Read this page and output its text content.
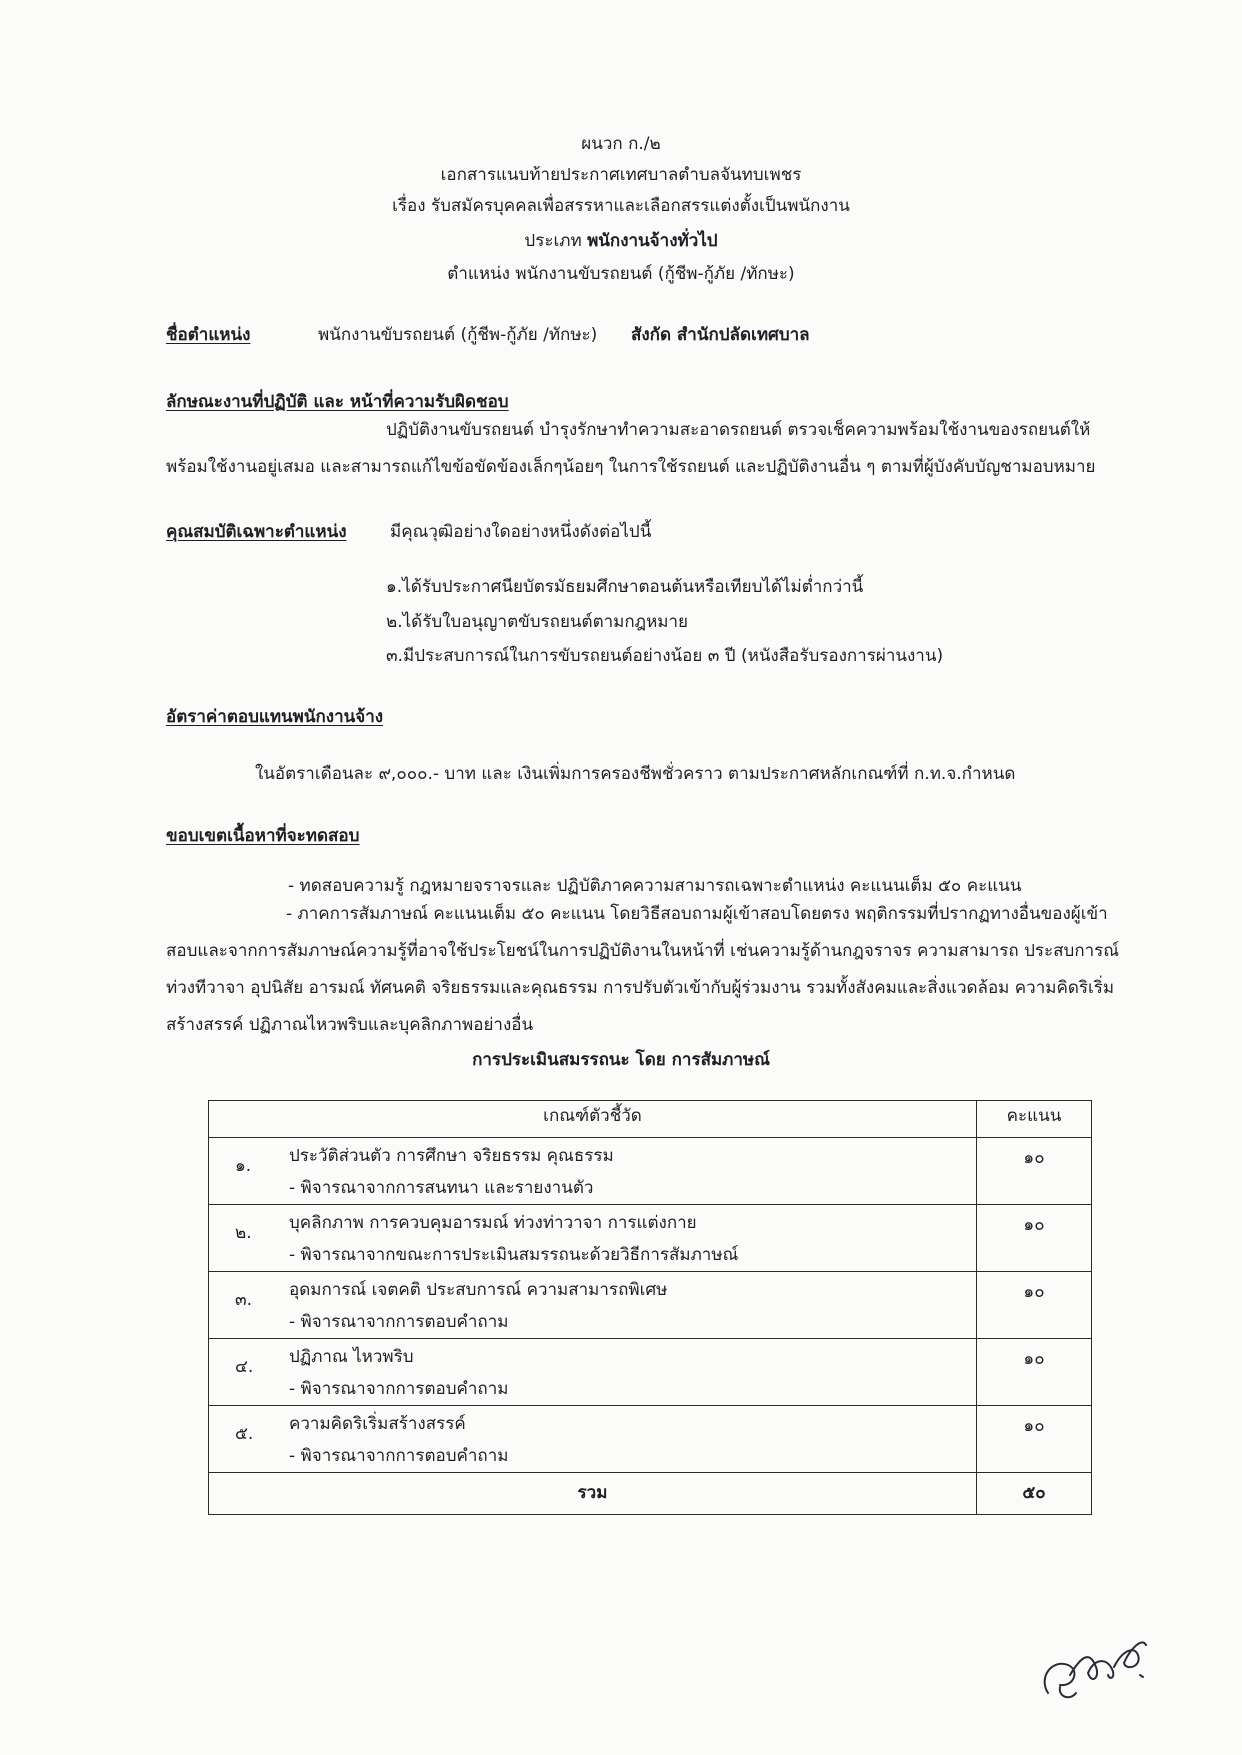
ผนวก ก./๒
เอกสารแนบท้ายประกาศเทศบาลตำบลจันทบเพชร
เรื่อง รับสมัครบุคคลเพื่อสรรหาและเลือกสรรแต่งตั้งเป็นพนักงาน
ประเภท พนักงานจ้างทั่วไป
ตำแหน่ง พนักงานขับรถยนต์ (กู้ชีพ-กู้ภัย /ทักษะ)
ชื่อตำแหน่ง	พนักงานขับรถยนต์ (กู้ชีพ-กู้ภัย /ทักษะ) สังกัด สำนักปลัดเทศบาล
ลักษณะงานที่ปฏิบัติ และ หน้าที่ความรับผิดชอบ
ปฏิบัติงานขับรถยนต์ บำรุงรักษาทำความสะอาดรถยนต์ ตรวจเช็คความพร้อมใช้งานของรถยนต์ให้พร้อมใช้งานอยู่เสมอ และสามารถแก้ไขข้อขัดข้องเล็กๆน้อยๆ ในการใช้รถยนต์ และปฏิบัติงานอื่น ๆ ตามที่ผู้บังคับบัญชามอบหมาย
คุณสมบัติเฉพาะตำแหน่ง	มีคุณวุฒิอย่างใดอย่างหนึ่งดังต่อไปนี้
๑.ได้รับประกาศนียบัตรมัธยมศึกษาตอนต้นหรือเทียบได้ไม่ต่ำกว่านี้
๒.ได้รับใบอนุญาตขับรถยนต์ตามกฎหมาย
๓.มีประสบการณ์ในการขับรถยนต์อย่างน้อย ๓ ปี (หนังสือรับรองการผ่านงาน)
อัตราค่าตอบแทนพนักงานจ้าง
ในอัตราเดือนละ ๙,๐๐๐.- บาท และ เงินเพิ่มการครองชีพชั่วคราว ตามประกาศหลักเกณฑ์ที่ ก.ท.จ.กำหนด
ขอบเขตเนื้อหาที่จะทดสอบ
- ทดสอบความรู้ กฎหมายจราจรและ ปฏิบัติภาคความสามารถเฉพาะตำแหน่ง คะแนนเต็ม ๕๐ คะแนน
- ภาคการสัมภาษณ์ คะแนนเต็ม ๕๐ คะแนน โดยวิธีสอบถามผู้เข้าสอบโดยตรง พฤติกรรมที่ปรากฏทางอื่นของผู้เข้าสอบและจากการสัมภาษณ์ความรู้ที่อาจใช้ประโยชน์ในการปฏิบัติงานในหน้าที่ เช่นความรู้ด้านกฎจราจร ความสามารถ ประสบการณ์ ท่วงทีวาจา อุปนิสัย อารมณ์ ทัศนคติ จริยธรรมและคุณธรรม การปรับตัวเข้ากับผู้ร่วมงาน รวมทั้งสังคมและสิ่งแวดล้อม ความคิดริเริ่มสร้างสรรค์ ปฏิภาณไหวพริบและบุคลิกภาพอย่างอื่น
การประเมินสมรรถนะ โดย การสัมภาษณ์
เกณฑ์ตัวชี้วัด	คะแนน

๑. ประวัติส่วนตัว การศึกษา จริยธรรม คุณธรรม
- พิจารณาจากการสนทนา และรายงานตัว	๑๐

๒. บุคลิกภาพ การควบคุมอารมณ์ ท่วงท่าวาจา การแต่งกาย
- พิจารณาจากขณะการประเมินสมรรถนะด้วยวิธีการสัมภาษณ์	๑๐

๓. อุดมการณ์ เจตคติ ประสบการณ์ ความสามารถพิเศษ
- พิจารณาจากการตอบคำถาม	๑๐

๔. ปฏิภาณ ไหวพริบ
- พิจารณาจากการตอบคำถาม	๑๐

๕. ความคิดริเริ่มสร้างสรรค์
- พิจารณาจากการตอบคำถาม	๑๐
รวม	๕๐
